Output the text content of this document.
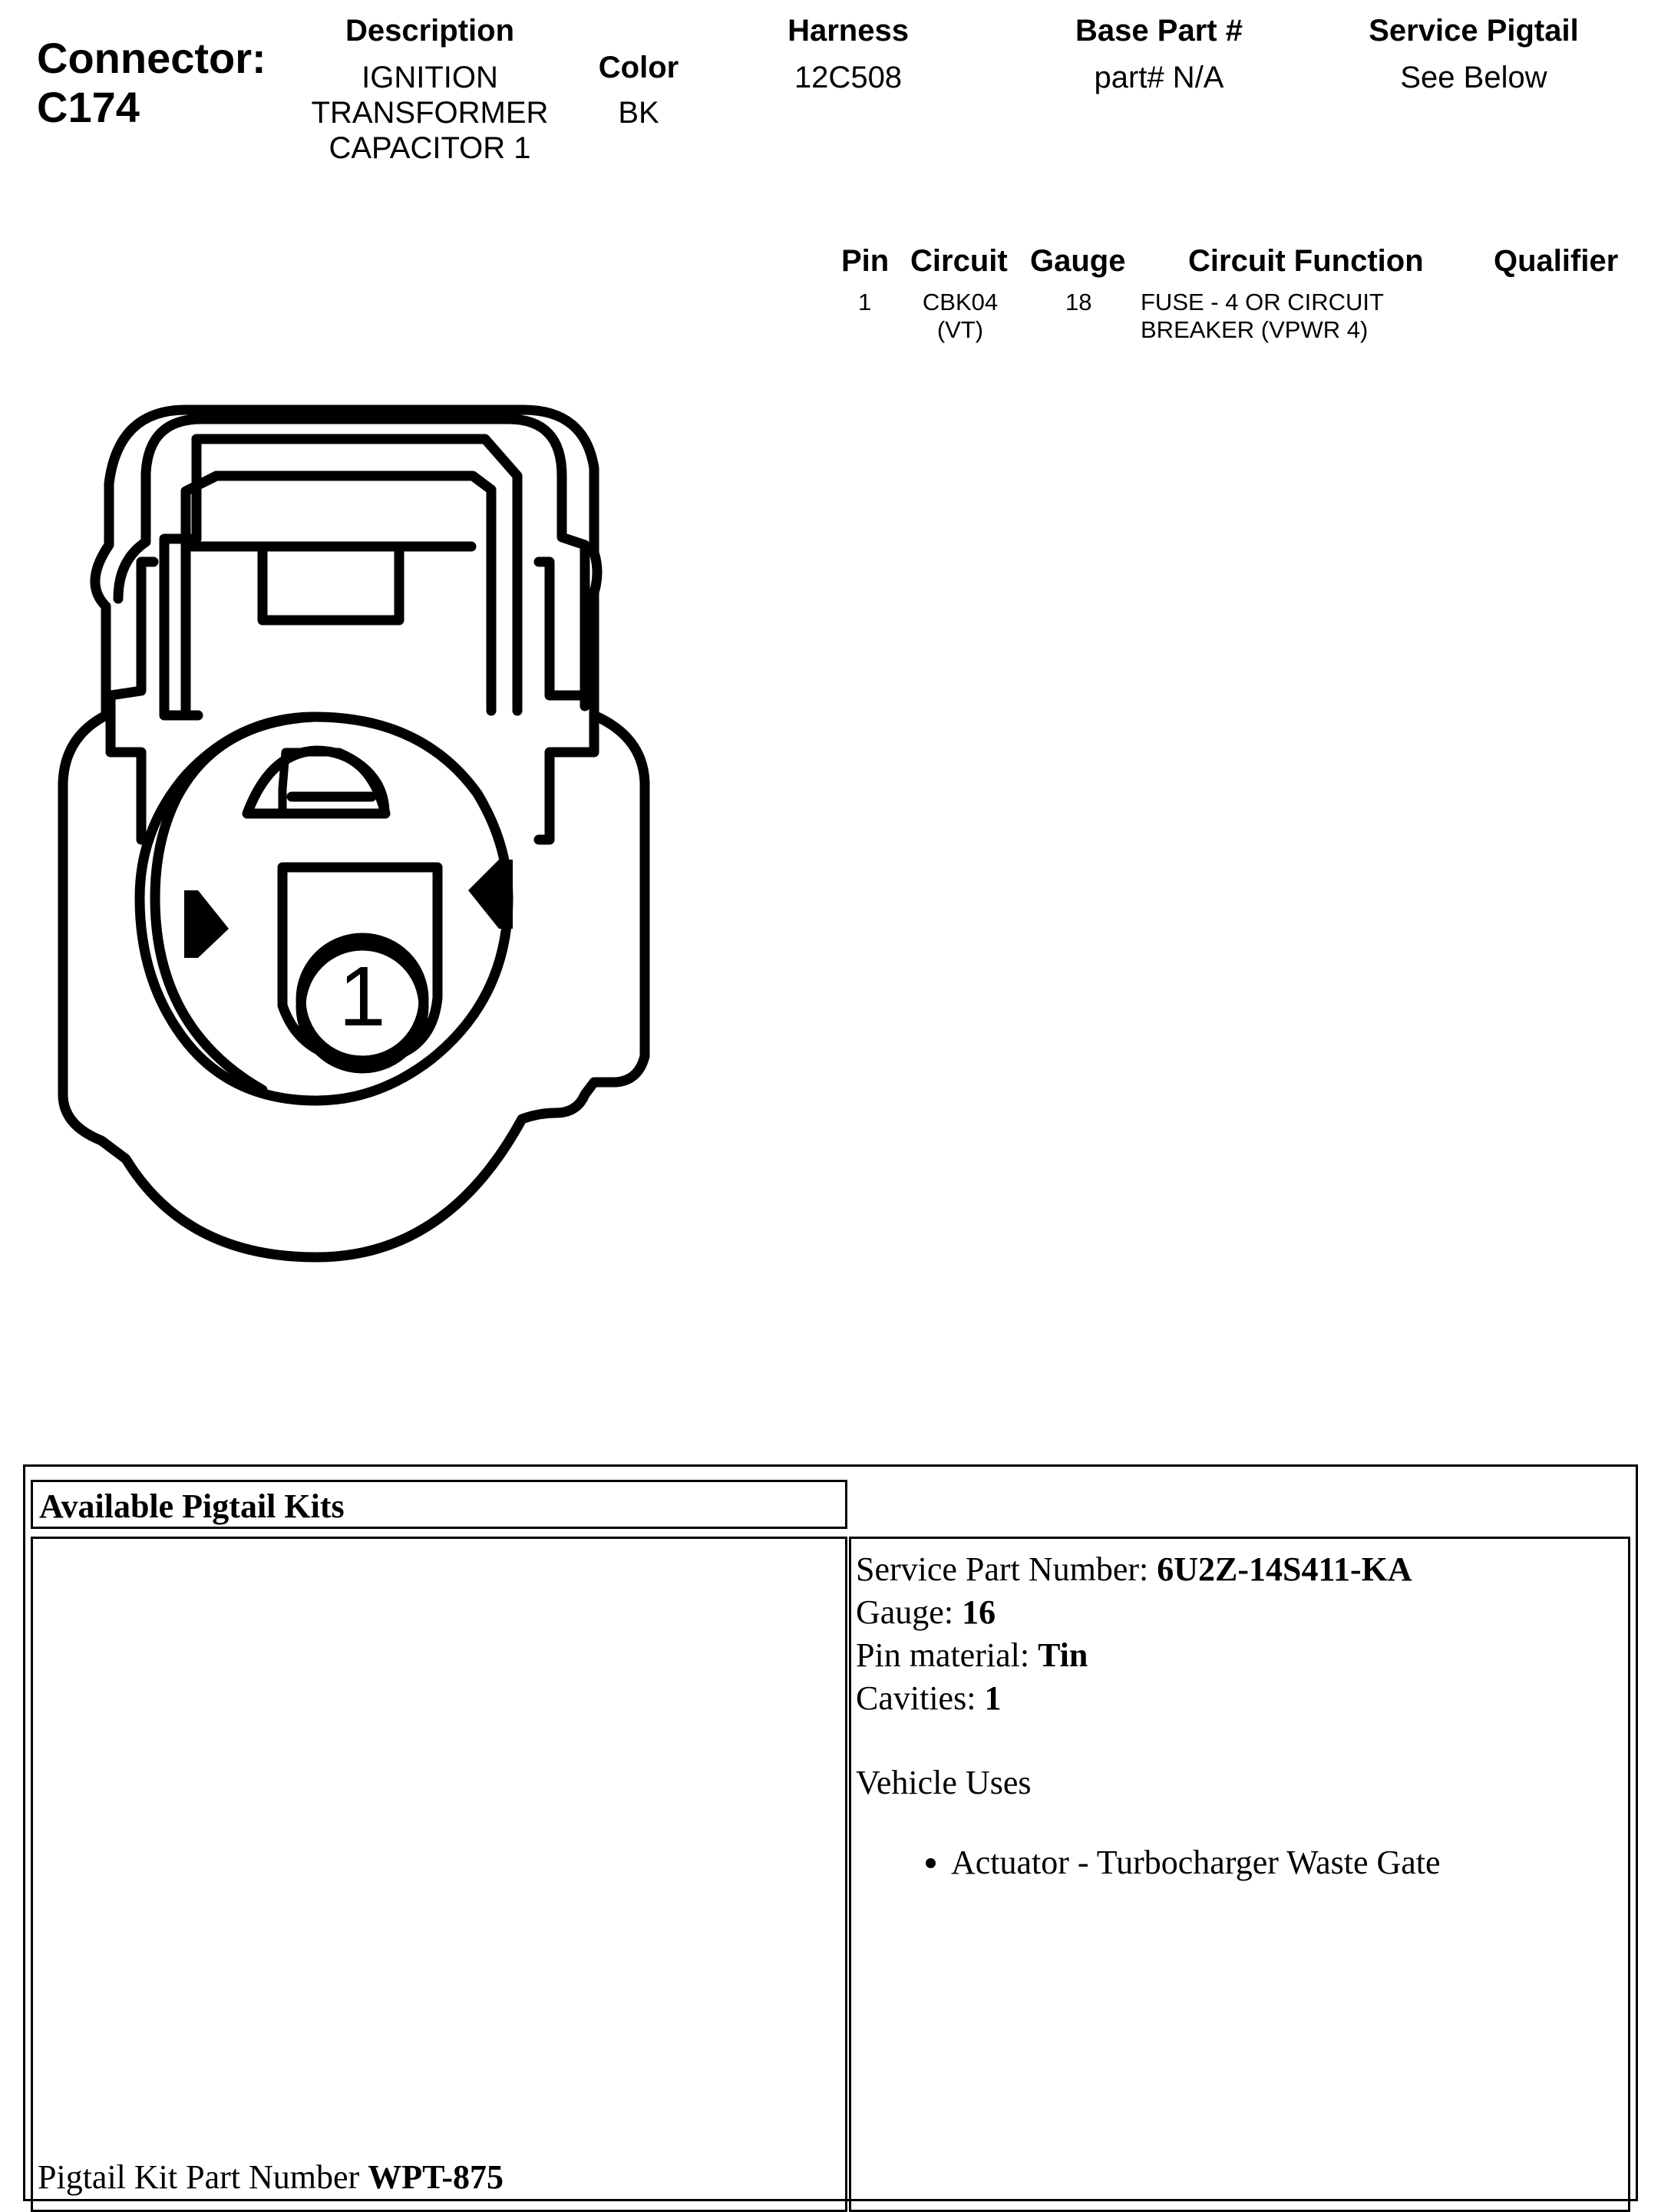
Connector:
C174
Description
IGNITION
TRANSFORMER
CAPACITOR 1
Color
BK
Harness
12C508
Base Part #
part# N/A
Service Pigtail
See Below
Pin Circuit Gauge Circuit Function Qualifier
1	CBK04
(VT)
18 FUSE - 4 OR CIRCUIT
BREAKER (VPWR 4)
1
Available Pigtail Kits
Pigtail Kit Part Number WPT-875
Service Part Number: 6U2Z-14S411-KA
Gauge: 16
Pin material: Tin
Cavities: 1
Vehicle Uses
• Actuator - Turbocharger Waste Gate
